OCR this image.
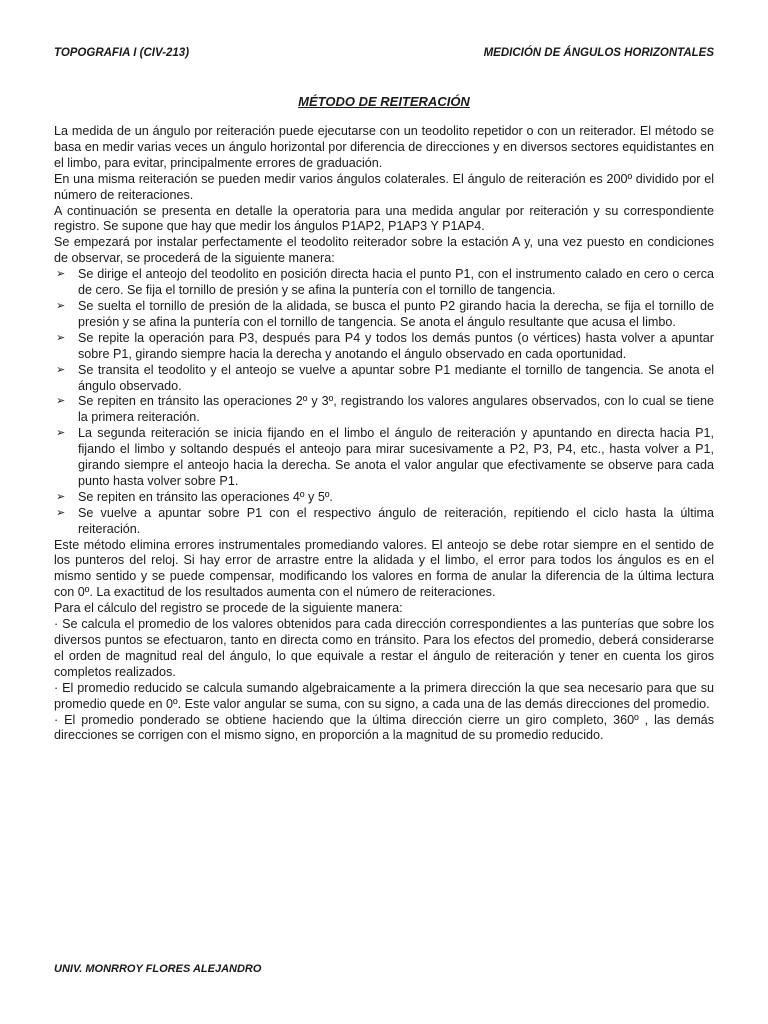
TOPOGRAFIA I (CIV-213)	MEDICIÓN DE ÁNGULOS HORIZONTALES
MÉTODO DE REITERACIÓN

La medida de un ángulo por reiteración puede ejecutarse con un teodolito repetidor o con un reiterador. El método se basa en medir varias veces un ángulo horizontal por diferencia de direcciones y en diversos sectores equidistantes en el limbo, para evitar, principalmente errores de graduación.

En una misma reiteración se pueden medir varios ángulos colaterales. El ángulo de reiteración es 200º dividido por el número de reiteraciones.

A continuación se presenta en detalle la operatoria para una medida angular por reiteración y su correspondiente registro. Se supone que hay que medir los ángulos P1AP2, P1AP3 Y P1AP4.

Se empezará por instalar perfectamente el teodolito reiterador sobre la estación A y, una vez puesto en condiciones de observar, se procederá de la siguiente manera:

➢ Se dirige el anteojo del teodolito en posición directa hacia el punto P1, con el instrumento calado en cero o cerca de cero. Se fija el tornillo de presión y se afina la puntería con el tornillo de tangencia.
➢ Se suelta el tornillo de presión de la alidada, se busca el punto P2 girando hacia la derecha, se fija el tornillo de presión y se afina la puntería con el tornillo de tangencia. Se anota el ángulo resultante que acusa el limbo.
➢ Se repite la operación para P3, después para P4 y todos los demás puntos (o vértices) hasta volver a apuntar sobre P1, girando siempre hacia la derecha y anotando el ángulo observado en cada oportunidad.
➢ Se transita el teodolito y el anteojo se vuelve a apuntar sobre P1 mediante el tornillo de tangencia. Se anota el ángulo observado.
➢ Se repiten en tránsito las operaciones 2º y 3º, registrando los valores angulares observados, con lo cual se tiene la primera reiteración.
➢ La segunda reiteración se inicia fijando en el limbo el ángulo de reiteración y apuntando en directa hacia P1, fijando el limbo y soltando después el anteojo para mirar sucesivamente a P2, P3, P4, etc., hasta volver a P1, girando siempre el anteojo hacia la derecha. Se anota el valor angular que efectivamente se observe para cada punto hasta volver sobre P1.
➢ Se repiten en tránsito las operaciones 4º y 5º.
➢ Se vuelve a apuntar sobre P1 con el respectivo ángulo de reiteración, repitiendo el ciclo hasta la última reiteración.

Este método elimina errores instrumentales promediando valores. El anteojo se debe rotar siempre en el sentido de los punteros del reloj. Si hay error de arrastre entre la alidada y el limbo, el error para todos los ángulos es en el mismo sentido y se puede compensar, modificando los valores en forma de anular la diferencia de la última lectura con 0º. La exactitud de los resultados aumenta con el número de reiteraciones.

Para el cálculo del registro se procede de la siguiente manera:

· Se calcula el promedio de los valores obtenidos para cada dirección correspondientes a las punterías que sobre los diversos puntos se efectuaron, tanto en directa como en tránsito. Para los efectos del promedio, deberá considerarse el orden de magnitud real del ángulo, lo que equivale a restar el ángulo de reiteración y tener en cuenta los giros completos realizados.

· El promedio reducido se calcula sumando algebraicamente a la primera dirección la que sea necesario para que su promedio quede en 0º. Este valor angular se suma, con su signo, a cada una de las demás direcciones del promedio.

· El promedio ponderado se obtiene haciendo que la última dirección cierre un giro completo, 360º , las demás direcciones se corrigen con el mismo signo, en proporción a la magnitud de su promedio reducido.

UNIV. MONRROY FLORES ALEJANDRO
